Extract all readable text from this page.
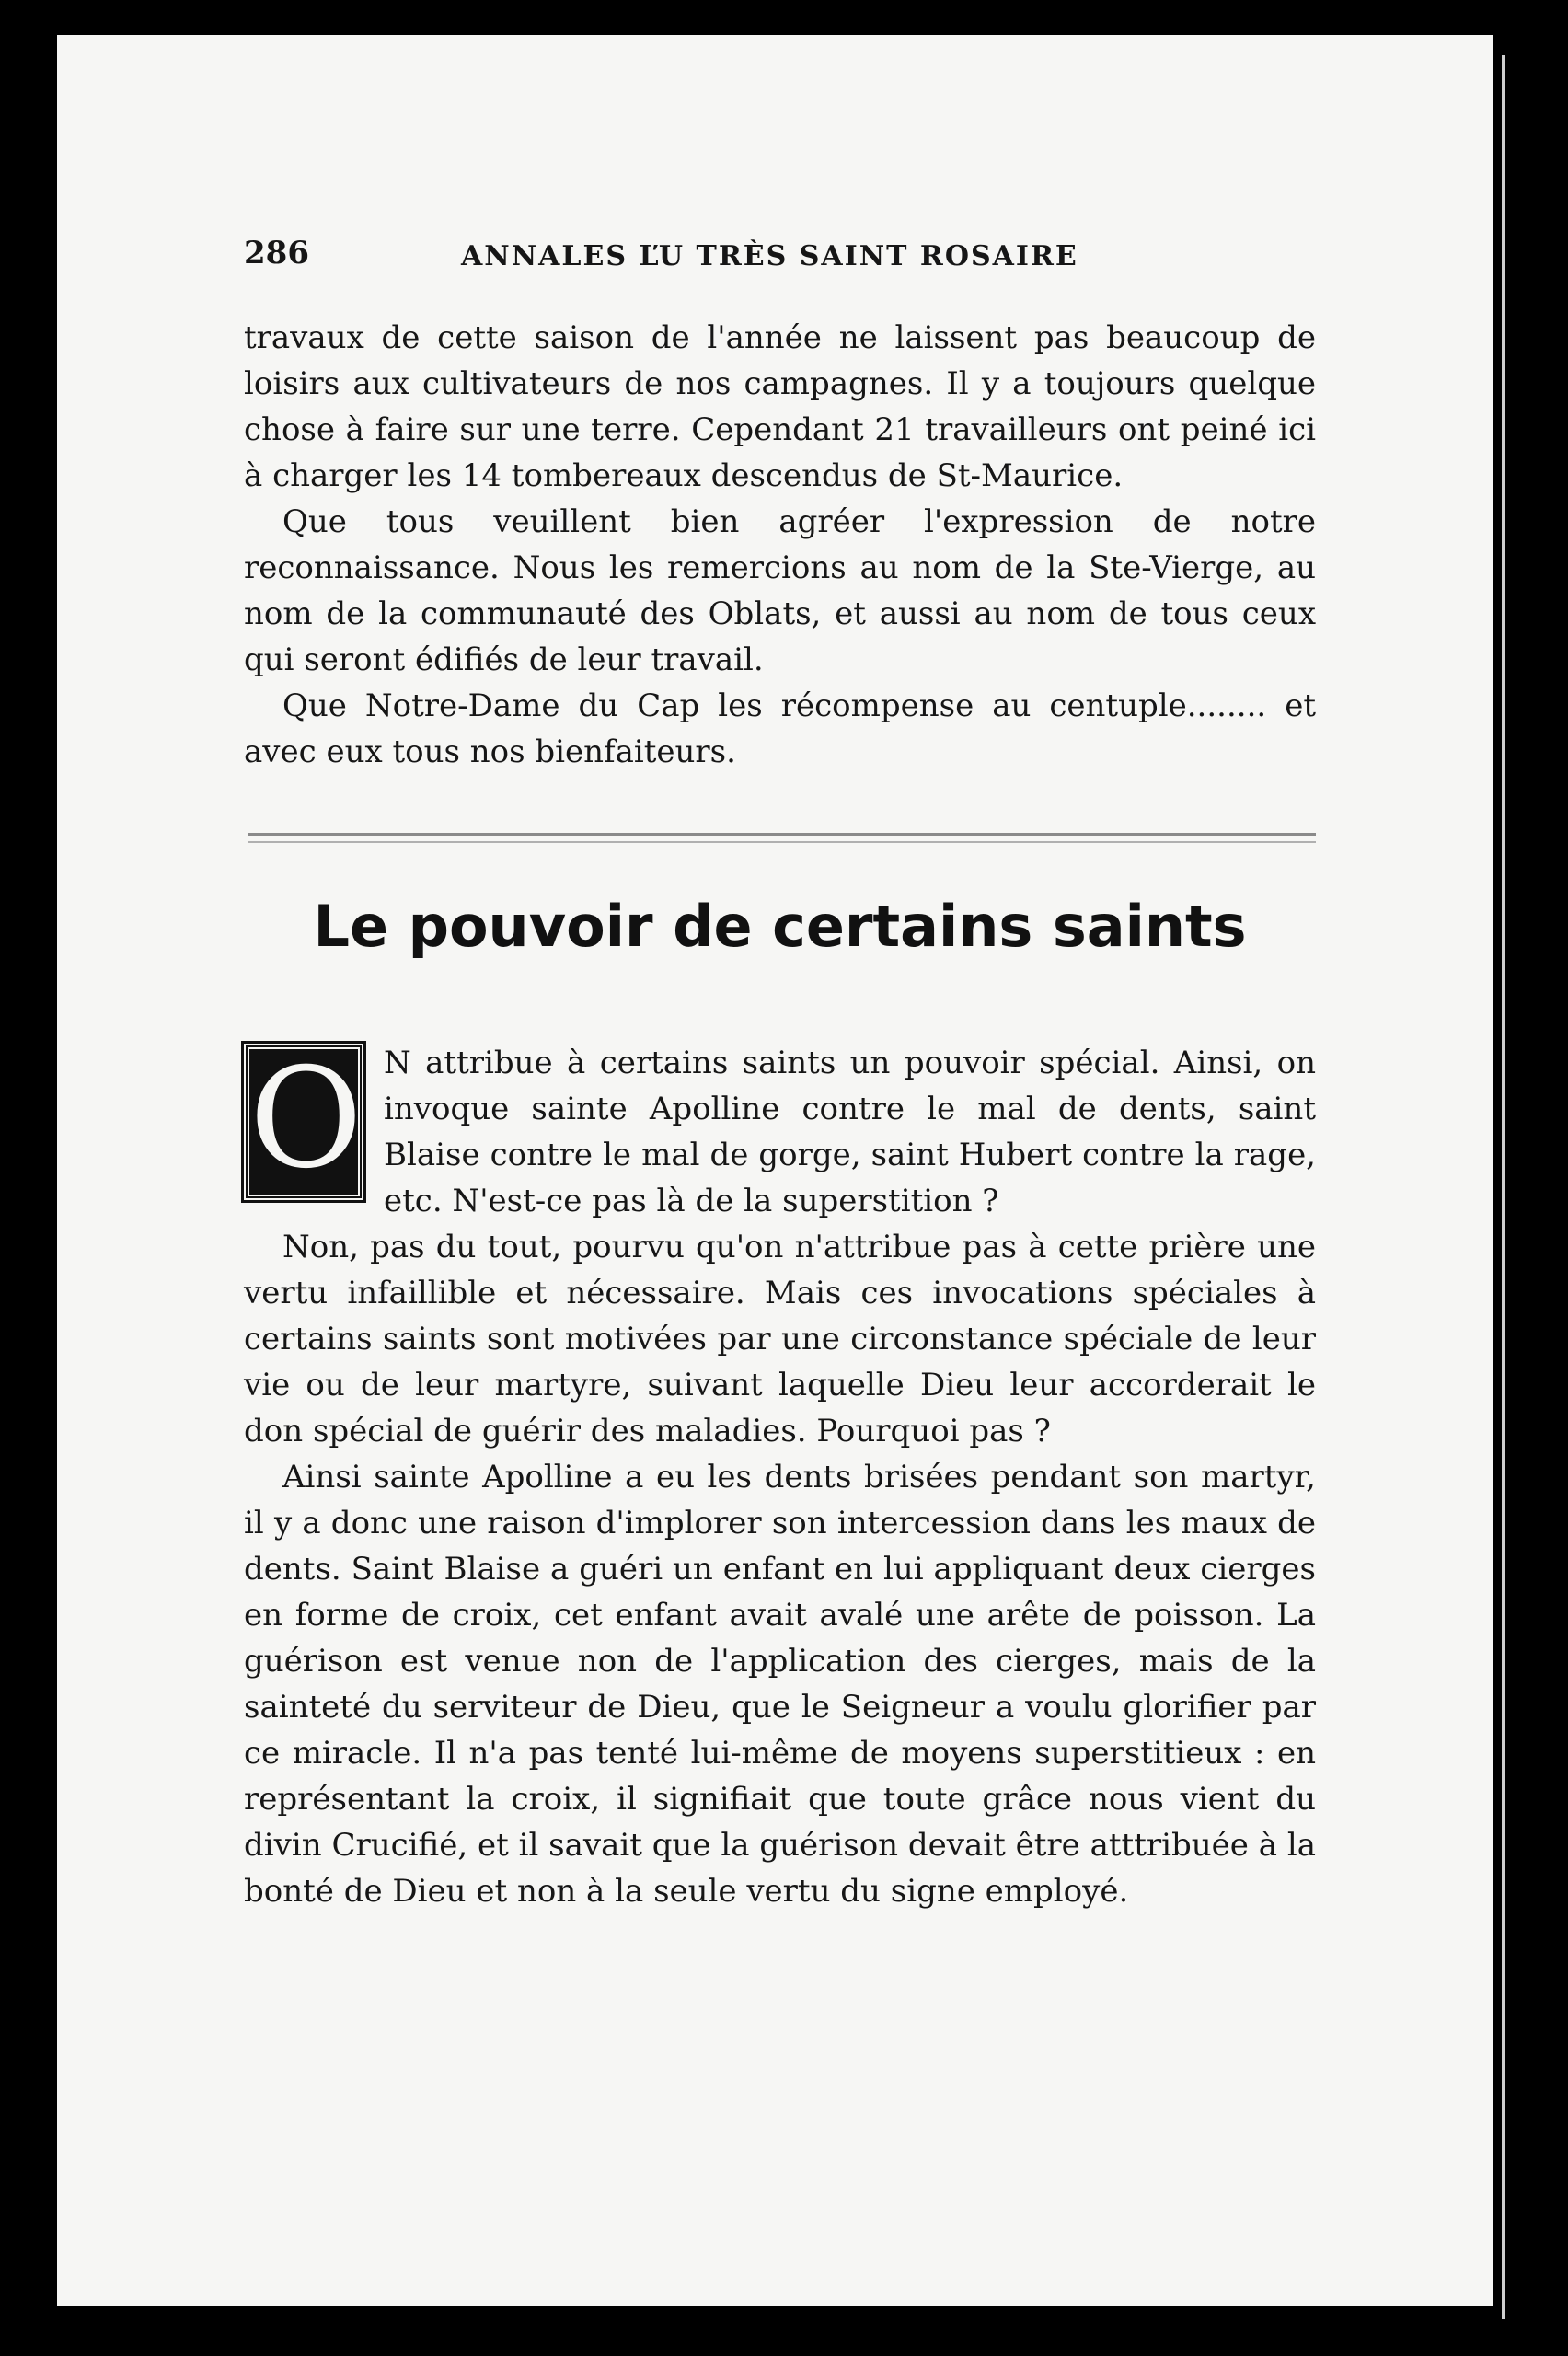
286	ANNALES ĽU TRÈS SAINT ROSAIRE

travaux de cette saison de l'année ne laissent pas beaucoup de loisirs aux cultivateurs de nos campagnes. Il y a toujours quelque chose à faire sur une terre. Cependant 21 travailleurs ont peiné ici à charger les 14 tombereaux descendus de St-Maurice.

Que tous veuillent bien agréer l'expression de notre reconnaissance. Nous les remercions au nom de la Ste-Vierge, au nom de la communauté des Oblats, et aussi au nom de tous ceux qui seront édifiés de leur travail.

Que Notre-Dame du Cap les récompense au centuple........ et avec eux tous nos bienfaiteurs.

Le pouvoir de certains saints

O N attribue à certains saints un pouvoir spécial. Ainsi, on invoque sainte Apolline contre le mal de dents, saint Blaise contre le mal de gorge, saint Hubert contre la rage, etc. N'est-ce pas là de la superstition ?

Non, pas du tout, pourvu qu'on n'attribue pas à cette prière une vertu infaillible et nécessaire. Mais ces invocations spéciales à certains saints sont motivées par une circonstance spéciale de leur vie ou de leur martyre, suivant laquelle Dieu leur accorderait le don spécial de guérir des maladies. Pourquoi pas ?

Ainsi sainte Apolline a eu les dents brisées pendant son martyr, il y a donc une raison d'implorer son intercession dans les maux de dents. Saint Blaise a guéri un enfant en lui appliquant deux cierges en forme de croix, cet enfant avait avalé une arête de poisson. La guérison est venue non de l'application des cierges, mais de la sainteté du serviteur de Dieu, que le Seigneur a voulu glorifier par ce miracle. Il n'a pas tenté lui-même de moyens superstitieux : en représentant la croix, il signifiait que toute grâce nous vient du divin Crucifié, et il savait que la guérison devait être atttribuée à la bonté de Dieu et non à la seule vertu du signe employé.
